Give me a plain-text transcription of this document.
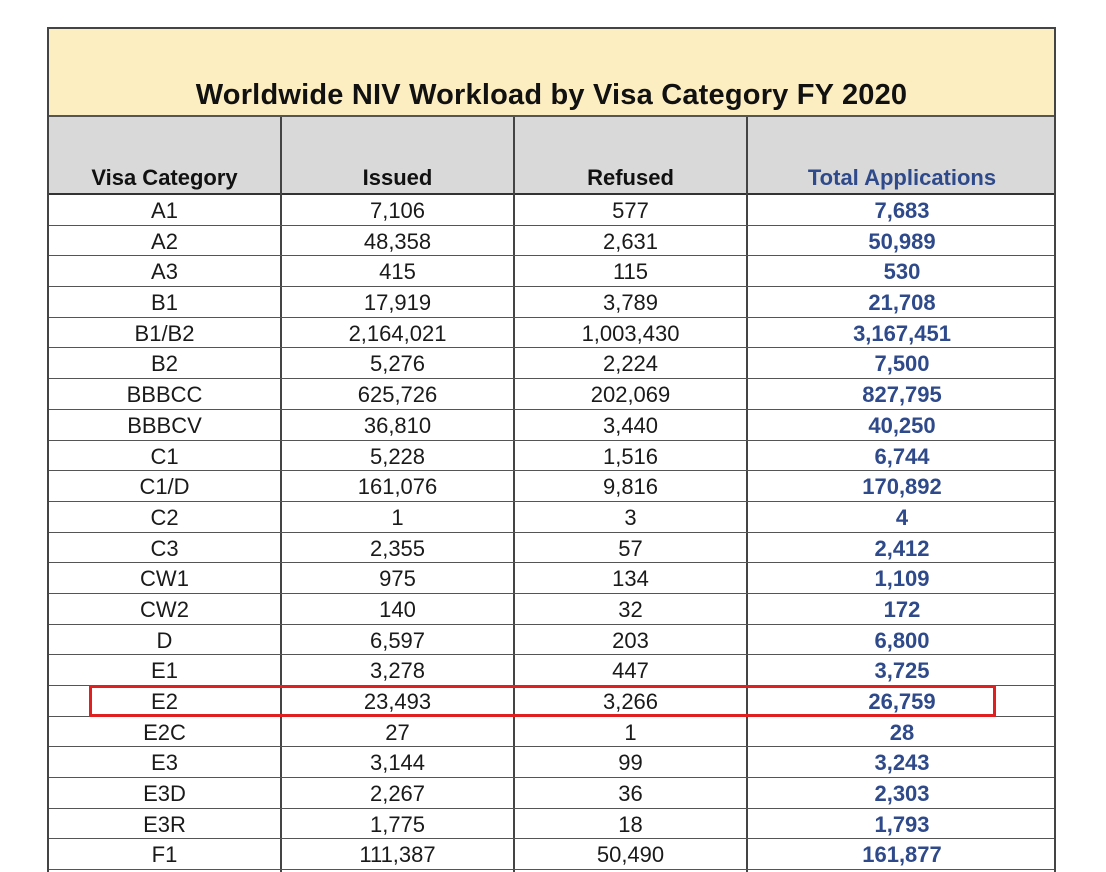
Worldwide NIV Workload by Visa Category FY 2020
Visa Category	Issued	Refused	Total Applications
A1	7,106	577	7,683
A2	48,358	2,631	50,989
A3	415	115	530
B1	17,919	3,789	21,708
B1/B2	2,164,021	1,003,430	3,167,451
B2	5,276	2,224	7,500
BBBCC	625,726	202,069	827,795
BBBCV	36,810	3,440	40,250
C1	5,228	1,516	6,744
C1/D	161,076	9,816	170,892
C2	1	3	4
C3	2,355	57	2,412
CW1	975	134	1,109
CW2	140	32	172
D	6,597	203	6,800
E1	3,278	447	3,725
E2	23,493	3,266	26,759
E2C	27	1	28
E3	3,144	99	3,243
E3D	2,267	36	2,303
E3R	1,775	18	1,793
F1	111,387	50,490	161,877
